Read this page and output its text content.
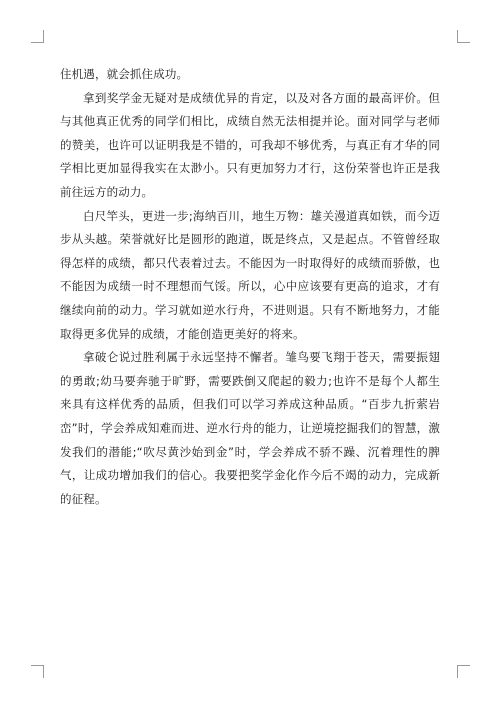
住机遇，就会抓住成功。

拿到奖学金无疑对是成绩优异的肯定，以及对各方面的最高评价。但与其他真正优秀的同学们相比，成绩自然无法相提并论。面对同学与老师的赞美，也许可以证明我是不错的，可我却不够优秀，与真正有才华的同学相比更加显得我实在太渺小。只有更加努力才行，这份荣誉也许正是我前往远方的动力。

白尺竿头，更进一步;海纳百川，地生万物：雄关漫道真如铁，而今迈步从头越。荣誉就好比是圆形的跑道，既是终点，又是起点。不管曾经取得怎样的成绩，都只代表着过去。不能因为一时取得好的成绩而骄傲，也不能因为成绩一时不理想而气馁。所以，心中应该要有更高的追求，才有继续向前的动力。学习就如逆水行舟，不进则退。只有不断地努力，才能取得更多优异的成绩，才能创造更美好的将来。

拿破仑说过胜利属于永远坚持不懈者。雏鸟要飞翔于苍天，需要振翅的勇敢;幼马要奔驰于旷野，需要跌倒又爬起的毅力;也许不是每个人都生来具有这样优秀的品质，但我们可以学习养成这种品质。“百步九折萦岩峦”时，学会养成知难而进、逆水行舟的能力，让逆境挖掘我们的智慧，激发我们的潜能;“吹尽黄沙始到金”时，学会养成不骄不躁、沉着理性的脾气，让成功增加我们的信心。我要把奖学金化作今后不竭的动力，完成新的征程。
